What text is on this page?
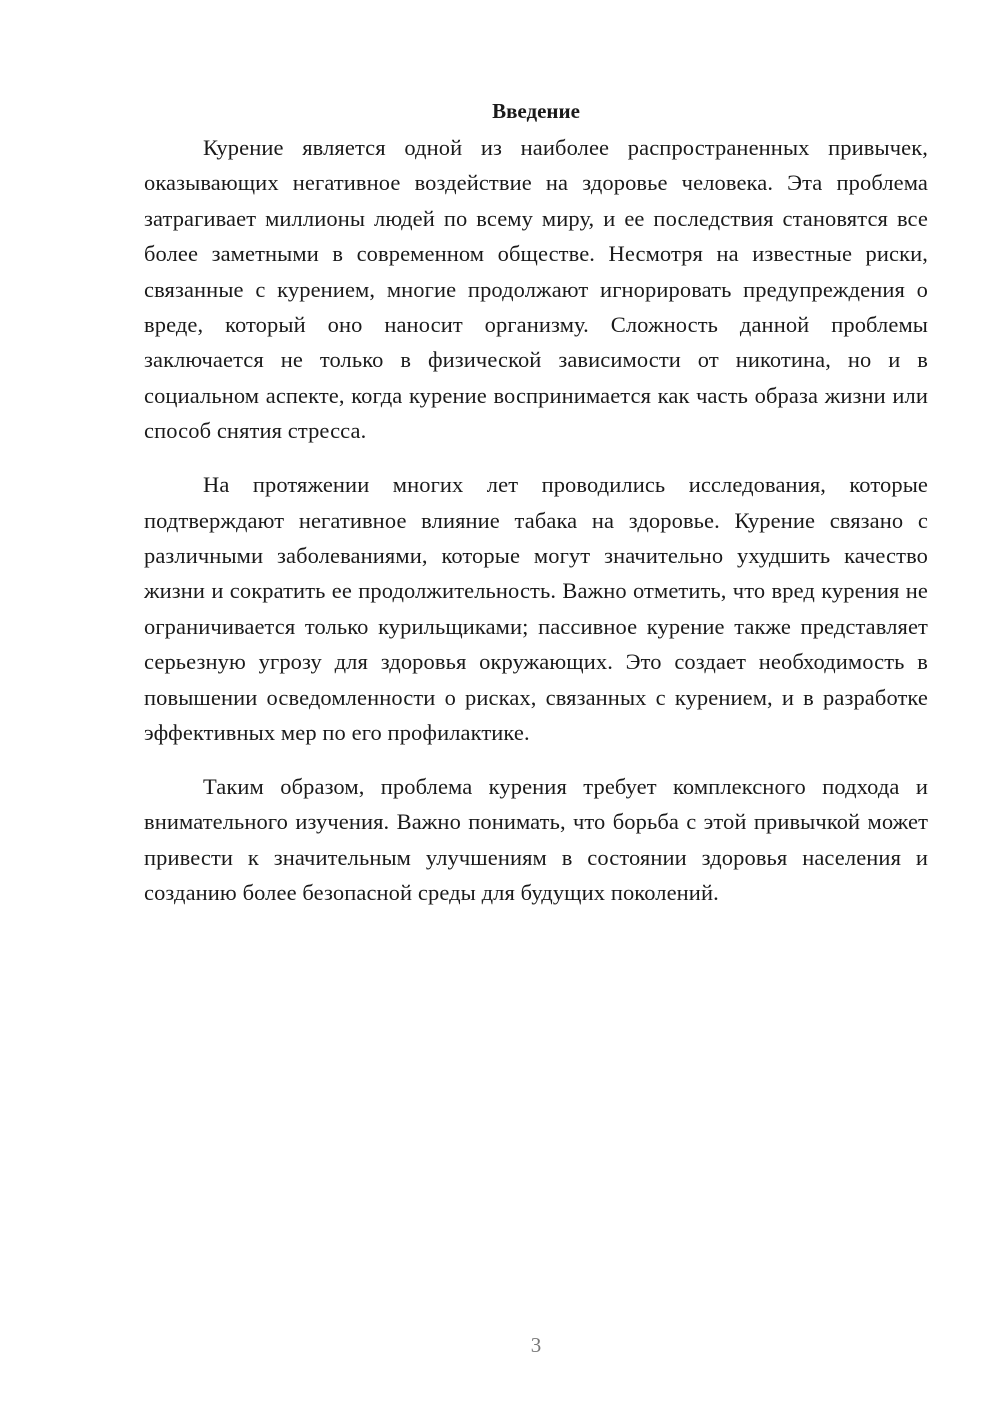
Введение

Курение является одной из наиболее распространенных привычек, оказывающих негативное воздействие на здоровье человека. Эта проблема затрагивает миллионы людей по всему миру, и ее последствия становятся все более заметными в современном обществе. Несмотря на известные риски, связанные с курением, многие продолжают игнорировать предупреждения о вреде, который оно наносит организму. Сложность данной проблемы заключается не только в физической зависимости от никотина, но и в социальном аспекте, когда курение воспринимается как часть образа жизни или способ снятия стресса.

На протяжении многих лет проводились исследования, которые подтверждают негативное влияние табака на здоровье. Курение связано с различными заболеваниями, которые могут значительно ухудшить качество жизни и сократить ее продолжительность. Важно отметить, что вред курения не ограничивается только курильщиками; пассивное курение также представляет серьезную угрозу для здоровья окружающих. Это создает необходимость в повышении осведомленности о рисках, связанных с курением, и в разработке эффективных мер по его профилактике.

Таким образом, проблема курения требует комплексного подхода и внимательного изучения. Важно понимать, что борьба с этой привычкой может привести к значительным улучшениям в состоянии здоровья населения и созданию более безопасной среды для будущих поколений.

3
